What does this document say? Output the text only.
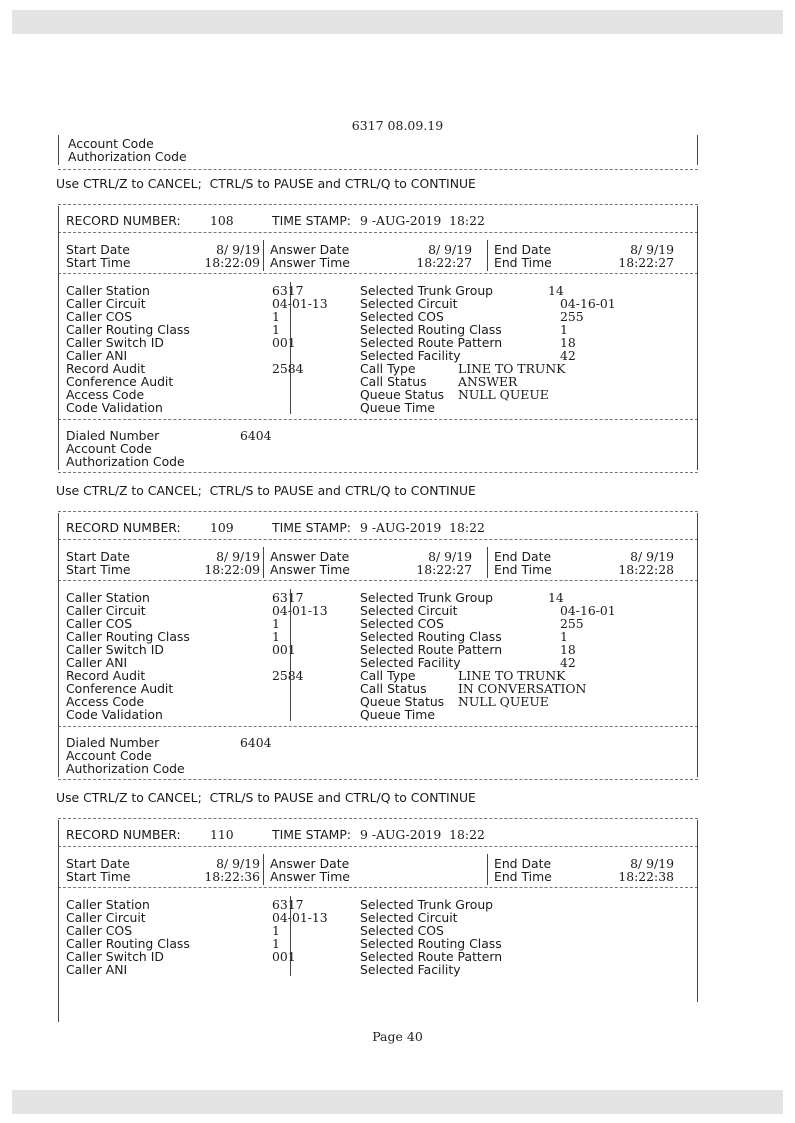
6317 08.09.19
Page 40
Account Code
Authorization Code
Use CTRL/Z to CANCEL;  CTRL/S to PAUSE and CTRL/Q to CONTINUE
RECORD NUMBER: 108	TIME STAMP: 9 -AUG-2019  18:22
Start Date	8/ 9/19 Answer Date	8/ 9/19 End Date	8/ 9/19
Start Time	18:22:09 Answer Time	18:22:27 End Time	18:22:27
Caller Station	6317	Selected Trunk Group	14
Caller Circuit	04-01-13	Selected Circuit	04-16-01
Caller COS	1	Selected COS	255
Caller Routing Class	1	Selected Routing Class	1
Caller Switch ID	001	Selected Route Pattern	18
Caller ANI	Selected Facility	42
Record Audit	2584	Call Type	LINE TO TRUNK
Conference Audit	Call Status	ANSWER
Access Code	Queue Status NULL QUEUE
Code Validation	Queue Time
Dialed Number	6404
Account Code
Authorization Code
Use CTRL/Z to CANCEL;  CTRL/S to PAUSE and CTRL/Q to CONTINUE
RECORD NUMBER: 109	TIME STAMP: 9 -AUG-2019  18:22
Start Date	8/ 9/19 Answer Date	8/ 9/19 End Date	8/ 9/19
Start Time	18:22:09 Answer Time	18:22:27 End Time	18:22:28
Caller Station	6317	Selected Trunk Group	14
Caller Circuit	04-01-13	Selected Circuit	04-16-01
Caller COS	1	Selected COS	255
Caller Routing Class	1	Selected Routing Class	1
Caller Switch ID	001	Selected Route Pattern	18
Caller ANI	Selected Facility	42
Record Audit	2584	Call Type	LINE TO TRUNK
Conference Audit	Call Status	IN CONVERSATION
Access Code	Queue Status NULL QUEUE
Code Validation	Queue Time
Dialed Number	6404
Account Code
Authorization Code
Use CTRL/Z to CANCEL;  CTRL/S to PAUSE and CTRL/Q to CONTINUE
RECORD NUMBER: 110	TIME STAMP: 9 -AUG-2019  18:22
Start Date	8/ 9/19 Answer Date	End Date	8/ 9/19
Start Time	18:22:36 Answer Time	End Time	18:22:38
Caller Station	6317	Selected Trunk Group
Caller Circuit	04-01-13	Selected Circuit
Caller COS	1	Selected COS
Caller Routing Class	1	Selected Routing Class
Caller Switch ID	001	Selected Route Pattern
Caller ANI	Selected Facility
